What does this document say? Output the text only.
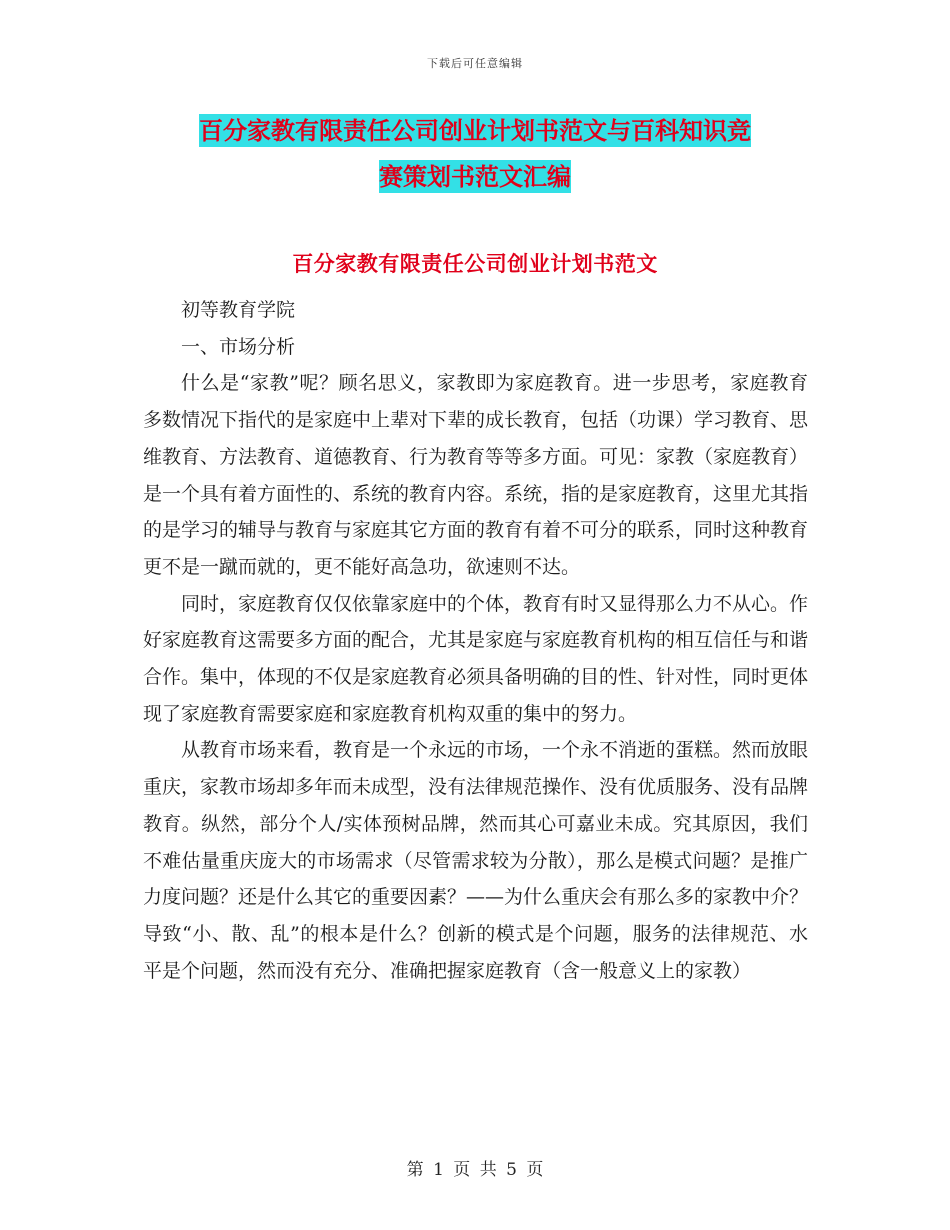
下载后可任意编辑
百分家教有限责任公司创业计划书范文与百科知识竞
赛策划书范文汇编
百分家教有限责任公司创业计划书范文

初等教育学院

一、市场分析

什么是“家教”呢？顾名思义，家教即为家庭教育。进一步思考，家庭教育多数情况下指代的是家庭中上辈对下辈的成长教育，包括（功课）学习教育、思维教育、方法教育、道德教育、行为教育等等多方面。可见：家教（家庭教育）是一个具有着方面性的、系统的教育内容。系统，指的是家庭教育，这里尤其指的是学习的辅导与教育与家庭其它方面的教育有着不可分的联系，同时这种教育更不是一蹴而就的，更不能好高急功，欲速则不达。

同时，家庭教育仅仅依靠家庭中的个体，教育有时又显得那么力不从心。作好家庭教育这需要多方面的配合，尤其是家庭与家庭教育机构的相互信任与和谐合作。集中，体现的不仅是家庭教育必须具备明确的目的性、针对性，同时更体现了家庭教育需要家庭和家庭教育机构双重的集中的努力。

从教育市场来看，教育是一个永远的市场，一个永不消逝的蛋糕。然而放眼重庆，家教市场却多年而未成型，没有法律规范操作、没有优质服务、没有品牌教育。纵然，部分个人/实体预树品牌，然而其心可嘉业未成。究其原因，我们不难估量重庆庞大的市场需求（尽管需求较为分散），那么是模式问题？是推广力度问题？还是什么其它的重要因素？——为什么重庆会有那么多的家教中介？导致“小、散、乱”的根本是什么？创新的模式是个问题，服务的法律规范、水平是个问题，然而没有充分、准确把握家庭教育（含一般意义上的家教）

第 1 页 共 5 页
